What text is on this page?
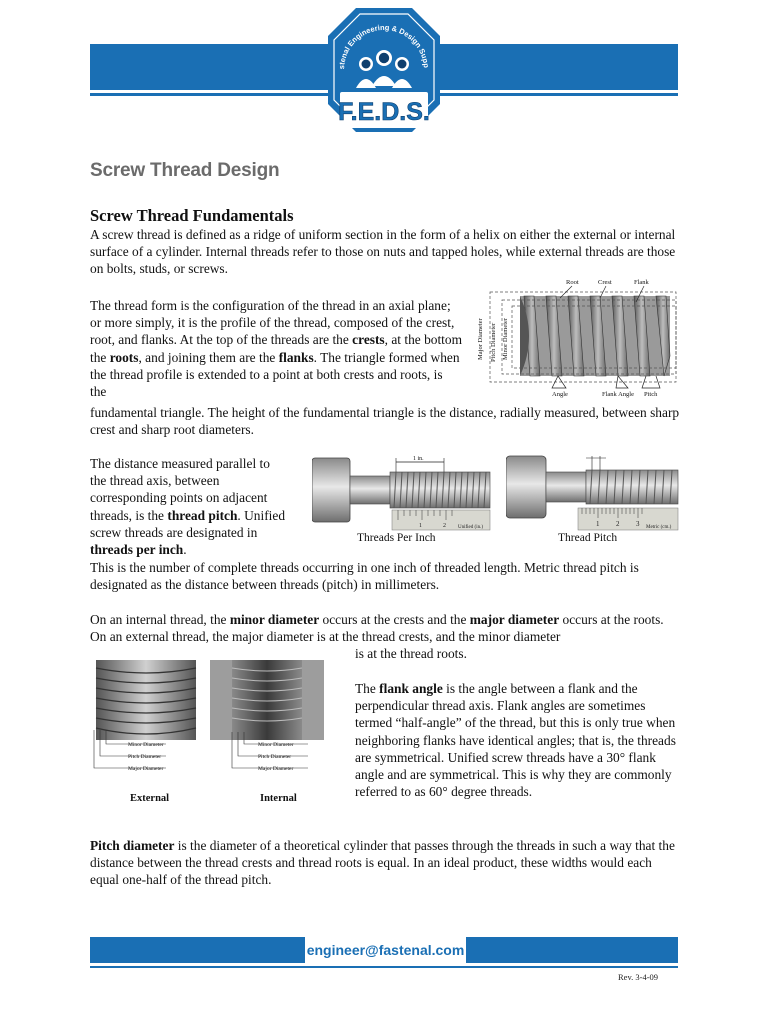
stenal Engineering & Design Supp
F.E.D.S.
Screw Thread Design
Screw Thread Fundamentals
A screw thread is defined as a ridge of uniform section in the form of a helix on either the external or internal surface of a cylinder. Internal threads refer to those on nuts and tapped holes, while external threads are those on bolts, studs, or screws.
The thread form is the configuration of the thread in an axial plane; or more simply, it is the profile of the thread, composed of the crest, root, and flanks. At the top of the threads are the crests, at the bottom the roots, and joining them are the flanks. The triangle formed when the thread profile is extended to a point at both crests and roots, is the
fundamental triangle. The height of the fundamental triangle is the distance, radially measured, between sharp crest and sharp root diameters.
Root	Crest	Flank
Angle	Flank Angle Pitch
Major Diameter Pitch Diameter Minor Diameter
The distance measured parallel to the thread axis, between corresponding points on adjacent threads, is the thread pitch. Unified screw threads are designated in threads per inch.
1 in.
1	2 Unified (in.)
Threads Per Inch
1 2 3 Metric (cm.)
Thread Pitch
This is the number of complete threads occurring in one inch of threaded length. Metric thread pitch is designated as the distance between threads (pitch) in millimeters.
On an internal thread, the minor diameter occurs at the crests and the major diameter occurs at the roots. On an external thread, the major diameter is at the thread crests, and the minor diameter
is at the thread roots.
Minor Diameter
Pitch Diameter
Major Diameter
External
Minor Diameter
Pitch Diameter
Major Diameter
Internal
The flank angle is the angle between a flank and the perpendicular thread axis. Flank angles are sometimes termed “half-angle” of the thread, but this is only true when neighboring flanks have identical angles; that is, the threads are symmetrical. Unified screw threads have a 30° flank angle and are symmetrical. This is why they are commonly referred to as 60° degree threads.
Pitch diameter is the diameter of a theoretical cylinder that passes through the threads in such a way that the distance between the thread crests and thread roots is equal. In an ideal product, these widths would each equal one-half of the thread pitch.
engineer@fastenal.com
Rev. 3-4-09
